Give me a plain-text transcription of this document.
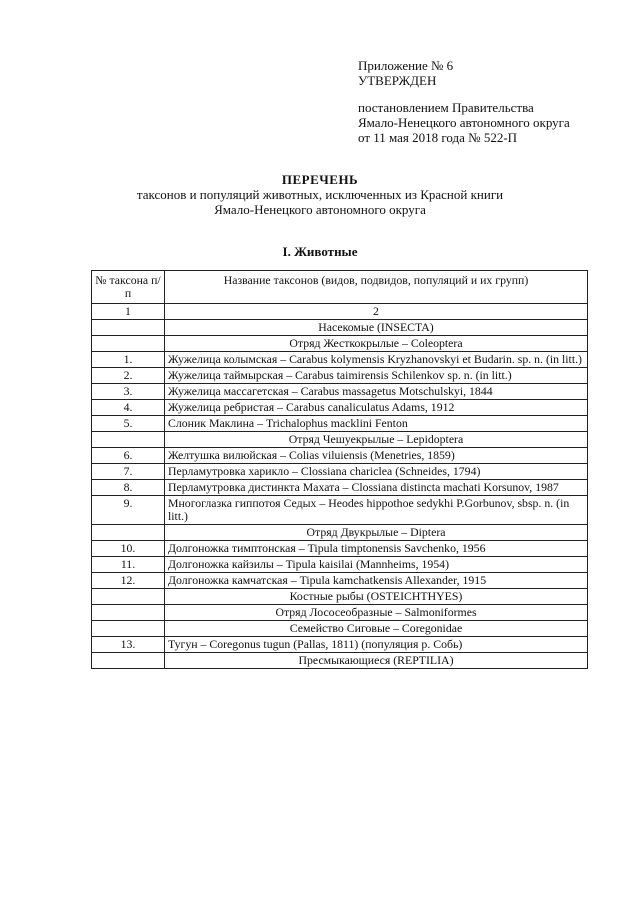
Приложение № 6
УТВЕРЖДЕН
постановлением Правительства
Ямало-Ненецкого автономного округа
от 11 мая 2018 года № 522-П
ПЕРЕЧЕНЬ
таксонов и популяций животных, исключенных из Красной книги
Ямало-Ненецкого автономного округа
I. Животные
№ таксона п/п	Название таксонов (видов, подвидов, популяций и их групп)
1	2
	Насекомые (INSECTA)
	Отряд Жесткокрылые – Coleoptera
1.	Жужелица колымская – Carabus kolymensis Kryzhanovskyi et Budarin. sp. n. (in litt.)
2.	Жужелица таймырская – Carabus taimirensis Schilenkov sp. n. (in litt.)
3.	Жужелица массагетская – Carabus massagetus Motschulskyi, 1844
4.	Жужелица ребристая – Carabus canaliculatus Adams, 1912
5.	Слоник Маклина – Trichalophus macklini Fenton
	Отряд Чешуекрылые – Lepidoptera
6.	Желтушка вилюйская – Colias viluiensis (Menetries, 1859)
7.	Перламутровка харикло – Clossiana chariclea (Schneides, 1794)
8.	Перламутровка дистинкта Махата – Clossiana distincta machati Korsunov, 1987
9.	Многоглазка гиппотоя Седых – Heodes hippothoe sedykhi P.Gorbunov, sbsp. n. (in litt.)
	Отряд Двукрылые – Diptera
10.	Долгоножка тимптонская – Tipula timptonensis Savchenko, 1956
11.	Долгоножка кайзилы – Tipula kaisilai (Mannheims, 1954)
12.	Долгоножка камчатская – Tipula kamchatkensis Allexander, 1915
	Костные рыбы (OSTEICHTHYES)
	Отряд Лососеобразные – Salmoniformes
	Семейство Сиговые – Coregonidae
13.	Тугун – Coregonus tugun (Pallas, 1811) (популяция р. Собь)
	Пресмыкающиеся (REPTILIA)
